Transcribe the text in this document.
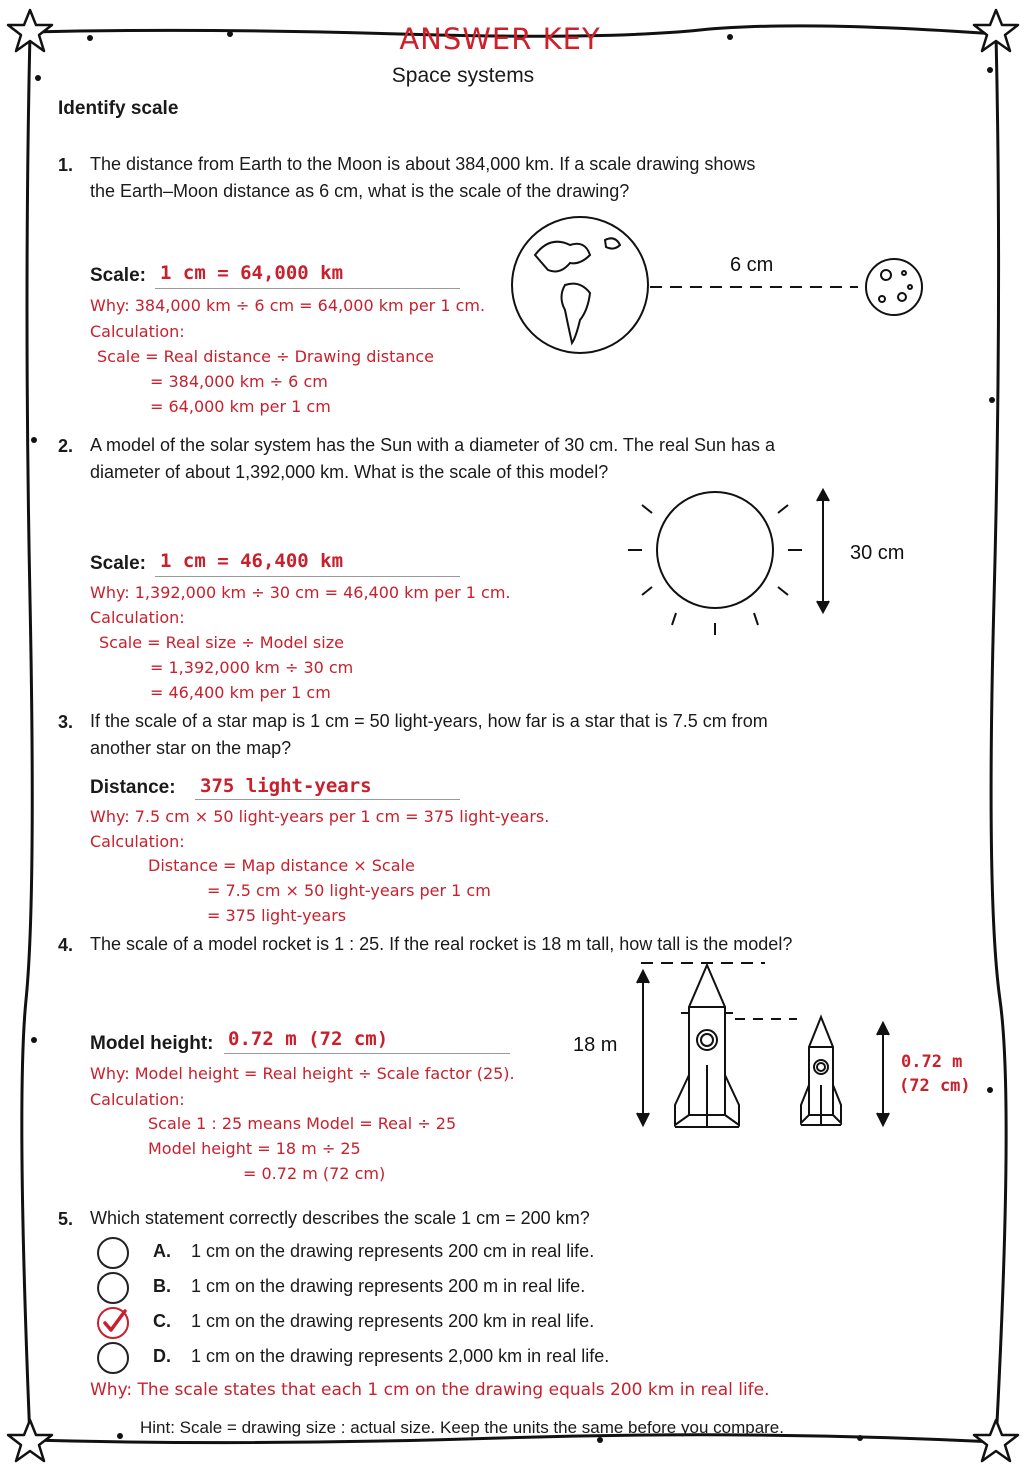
ANSWER KEY
Space systems
Identify scale
1. The distance from Earth to the Moon is about 384,000 km. If a scale drawing shows
the Earth–Moon distance as 6 cm, what is the scale of the drawing?
Scale: 1 cm = 64,000 km
Why: 384,000 km ÷ 6 cm = 64,000 km per 1 cm.
Calculation:
Scale = Real distance ÷ Drawing distance
= 384,000 km ÷ 6 cm
= 64,000 km per 1 cm
6 cm
2. A model of the solar system has the Sun with a diameter of 30 cm. The real Sun has a
diameter of about 1,392,000 km. What is the scale of this model?
Scale: 1 cm = 46,400 km
Why: 1,392,000 km ÷ 30 cm = 46,400 km per 1 cm.
Calculation:
Scale = Real size ÷ Model size
= 1,392,000 km ÷ 30 cm
= 46,400 km per 1 cm
30 cm
3. If the scale of a star map is 1 cm = 50 light-years, how far is a star that is 7.5 cm from
another star on the map?
Distance: 375 light-years
Why: 7.5 cm × 50 light-years per 1 cm = 375 light-years.
Calculation:
Distance = Map distance × Scale
= 7.5 cm × 50 light-years per 1 cm
= 375 light-years
4. The scale of a model rocket is 1 : 25. If the real rocket is 18 m tall, how tall is the model?
Model height: 0.72 m (72 cm)
Why: Model height = Real height ÷ Scale factor (25).
Calculation:
Scale 1 : 25 means Model = Real ÷ 25
Model height = 18 m ÷ 25
= 0.72 m (72 cm)
18 m
0.72 m
(72 cm)
5. Which statement correctly describes the scale 1 cm = 200 km?
A. 1 cm on the drawing represents 200 cm in real life.
B. 1 cm on the drawing represents 200 m in real life.
C. 1 cm on the drawing represents 200 km in real life.
D. 1 cm on the drawing represents 2,000 km in real life.
Why: The scale states that each 1 cm on the drawing equals 200 km in real life.
Hint: Scale = drawing size : actual size. Keep the units the same before you compare.
